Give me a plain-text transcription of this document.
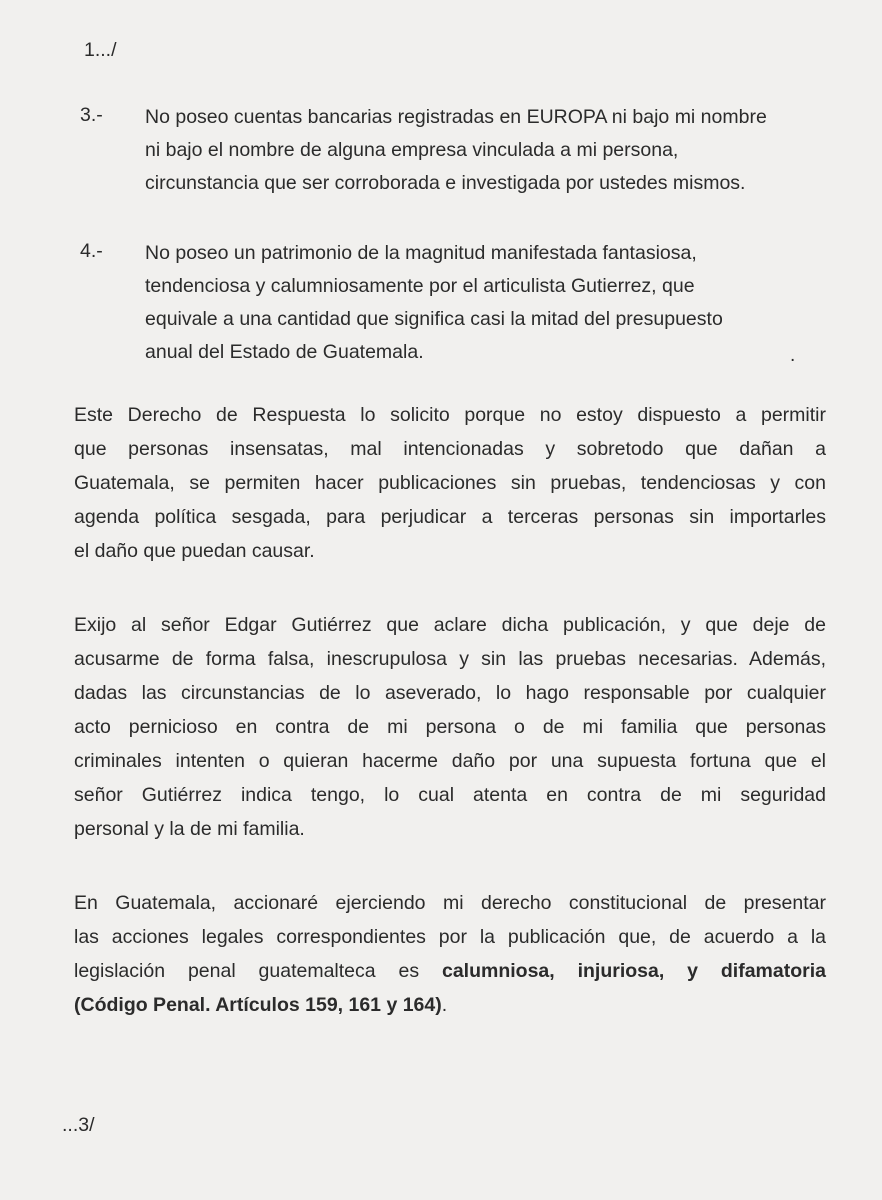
1.../
3.- No poseo cuentas bancarias registradas en EUROPA ni bajo mi nombre
ni bajo el nombre de alguna empresa vinculada a mi persona,
circunstancia que ser corroborada e investigada por ustedes mismos.
4.- No poseo un patrimonio de la magnitud manifestada fantasiosa,
tendenciosa y calumniosamente por el articulista Gutierrez, que
equivale a una cantidad que significa casi la mitad del presupuesto
anual del Estado de Guatemala.	.
Este Derecho de Respuesta lo solicito porque no estoy dispuesto a permitir
que personas insensatas, mal intencionadas y sobretodo que dañan a
Guatemala, se permiten hacer publicaciones sin pruebas, tendenciosas y con
agenda política sesgada, para perjudicar a terceras personas sin importarles
el daño que puedan causar.
Exijo al señor Edgar Gutiérrez que aclare dicha publicación, y que deje de
acusarme de forma falsa, inescrupulosa y sin las pruebas necesarias. Además,
dadas las circunstancias de lo aseverado, lo hago responsable por cualquier
acto pernicioso en contra de mi persona o de mi familia que personas
criminales intenten o quieran hacerme daño por una supuesta fortuna que el
señor Gutiérrez indica tengo, lo cual atenta en contra de mi seguridad
personal y la de mi familia.
En Guatemala, accionaré ejerciendo mi derecho constitucional de presentar
las acciones legales correspondientes por la publicación que, de acuerdo a la
legislación penal guatemalteca es calumniosa, injuriosa, y difamatoria
(Código Penal. Artículos 159, 161 y 164).
...3/
